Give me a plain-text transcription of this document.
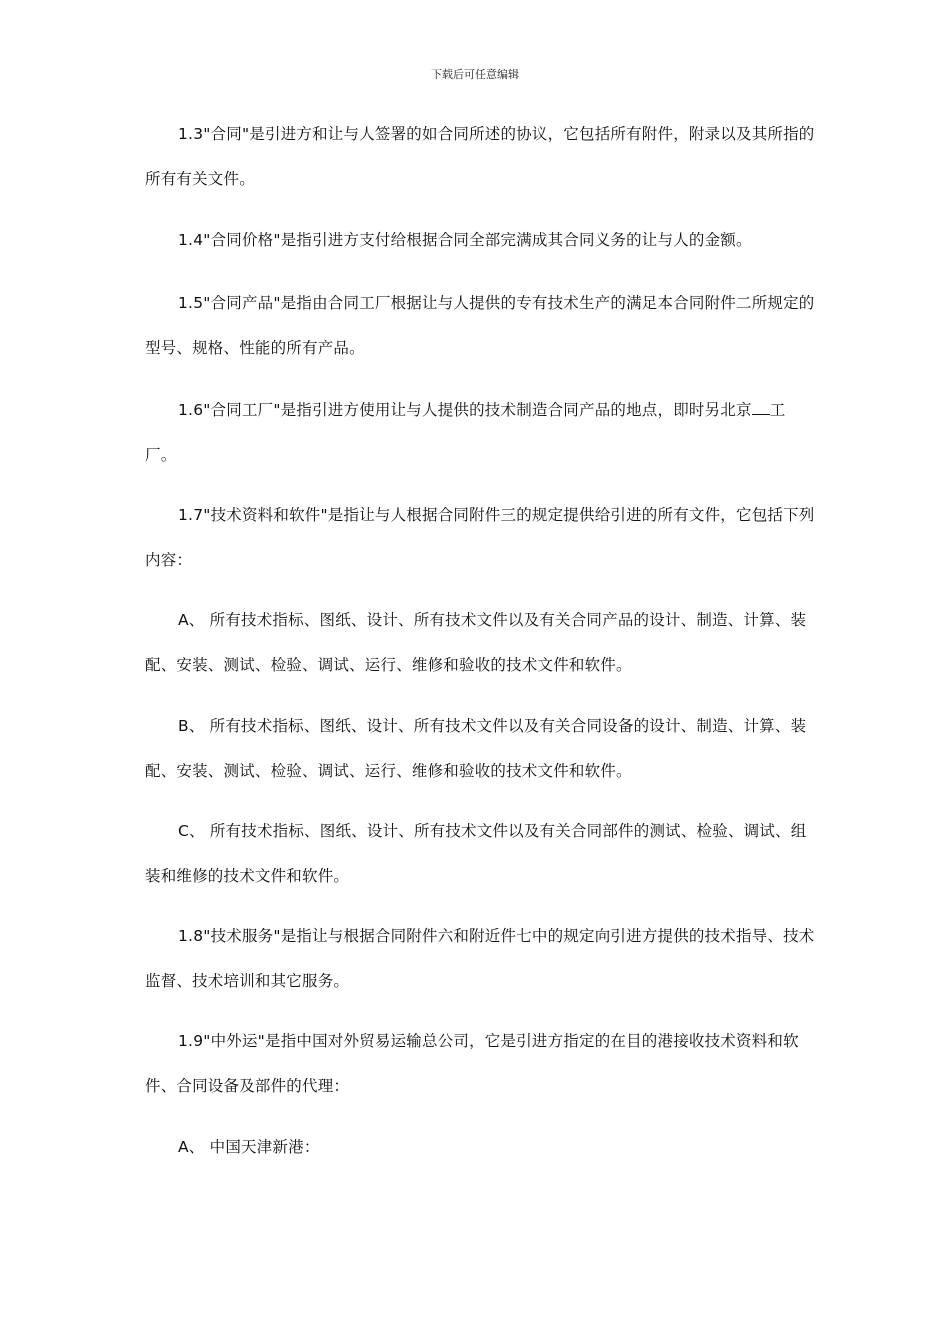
下载后可任意编辑

1.3"合同"是引进方和让与人签署的如合同所述的协议，它包括所有附件，附录以及其所指的所有有关文件。

1.4"合同价格"是指引进方支付给根据合同全部完满成其合同义务的让与人的金额。

1.5"合同产品"是指由合同工厂根据让与人提供的专有技术生产的满足本合同附件二所规定的型号、规格、性能的所有产品。

1.6"合同工厂"是指引进方使用让与人提供的技术制造合同产品的地点，即时另北京 工厂。

1.7"技术资料和软件"是指让与人根据合同附件三的规定提供给引进的所有文件，它包括下列内容：

A、 所有技术指标、图纸、设计、所有技术文件以及有关合同产品的设计、制造、计算、装配、安装、测试、检验、调试、运行、维修和验收的技术文件和软件。

B、 所有技术指标、图纸、设计、所有技术文件以及有关合同设备的设计、制造、计算、装配、安装、测试、检验、调试、运行、维修和验收的技术文件和软件。

C、 所有技术指标、图纸、设计、所有技术文件以及有关合同部件的测试、检验、调试、组装和维修的技术文件和软件。

1.8"技术服务"是指让与根据合同附件六和附近件七中的规定向引进方提供的技术指导、技术监督、技术培训和其它服务。

1.9"中外运"是指中国对外贸易运输总公司，它是引进方指定的在目的港接收技术资料和软件、合同设备及部件的代理：

A、 中国天津新港：
